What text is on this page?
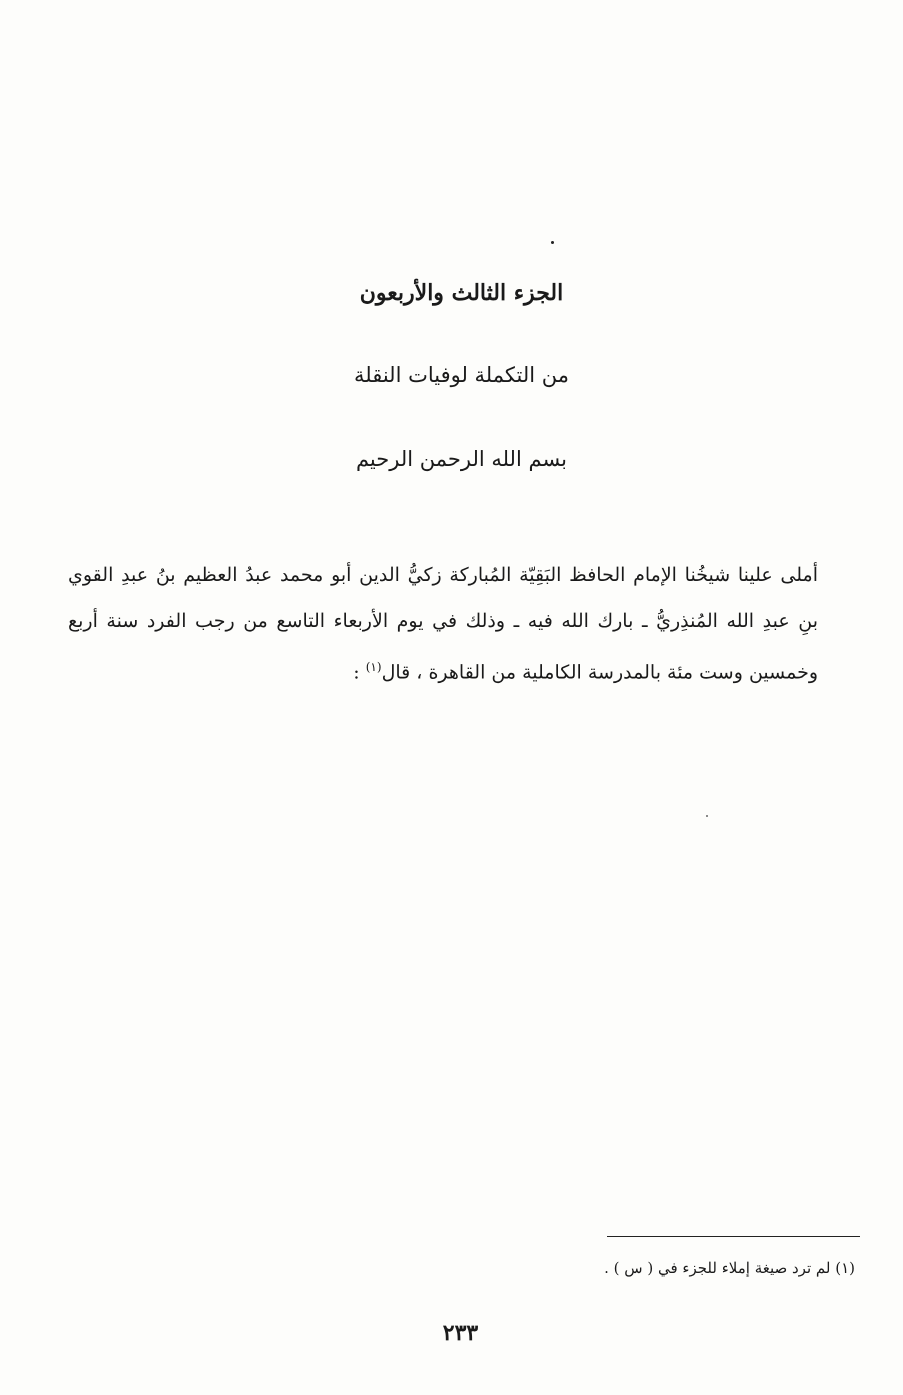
الجزء الثالث والأربعون
من التكملة لوفيات النقلة
بسم الله الرحمن الرحيم

أملى علينا شيخُنا الإمام الحافظ البَقِيّة المُباركة زكيُّ الدين أبو محمد عبدُ العظيم بنُ عبدِ القوي بنِ عبدِ الله المُنذِريُّ ـ بارك الله فيه ـ وذلك في يوم الأربعاء التاسع من رجب الفرد سنة أربع وخمسين وست مئة بالمدرسة الكاملية من القاهرة ، قال$^{(١)}$ :

(١) لم ترد صيغة إملاء للجزء في ( س ) .
٢٣٣
